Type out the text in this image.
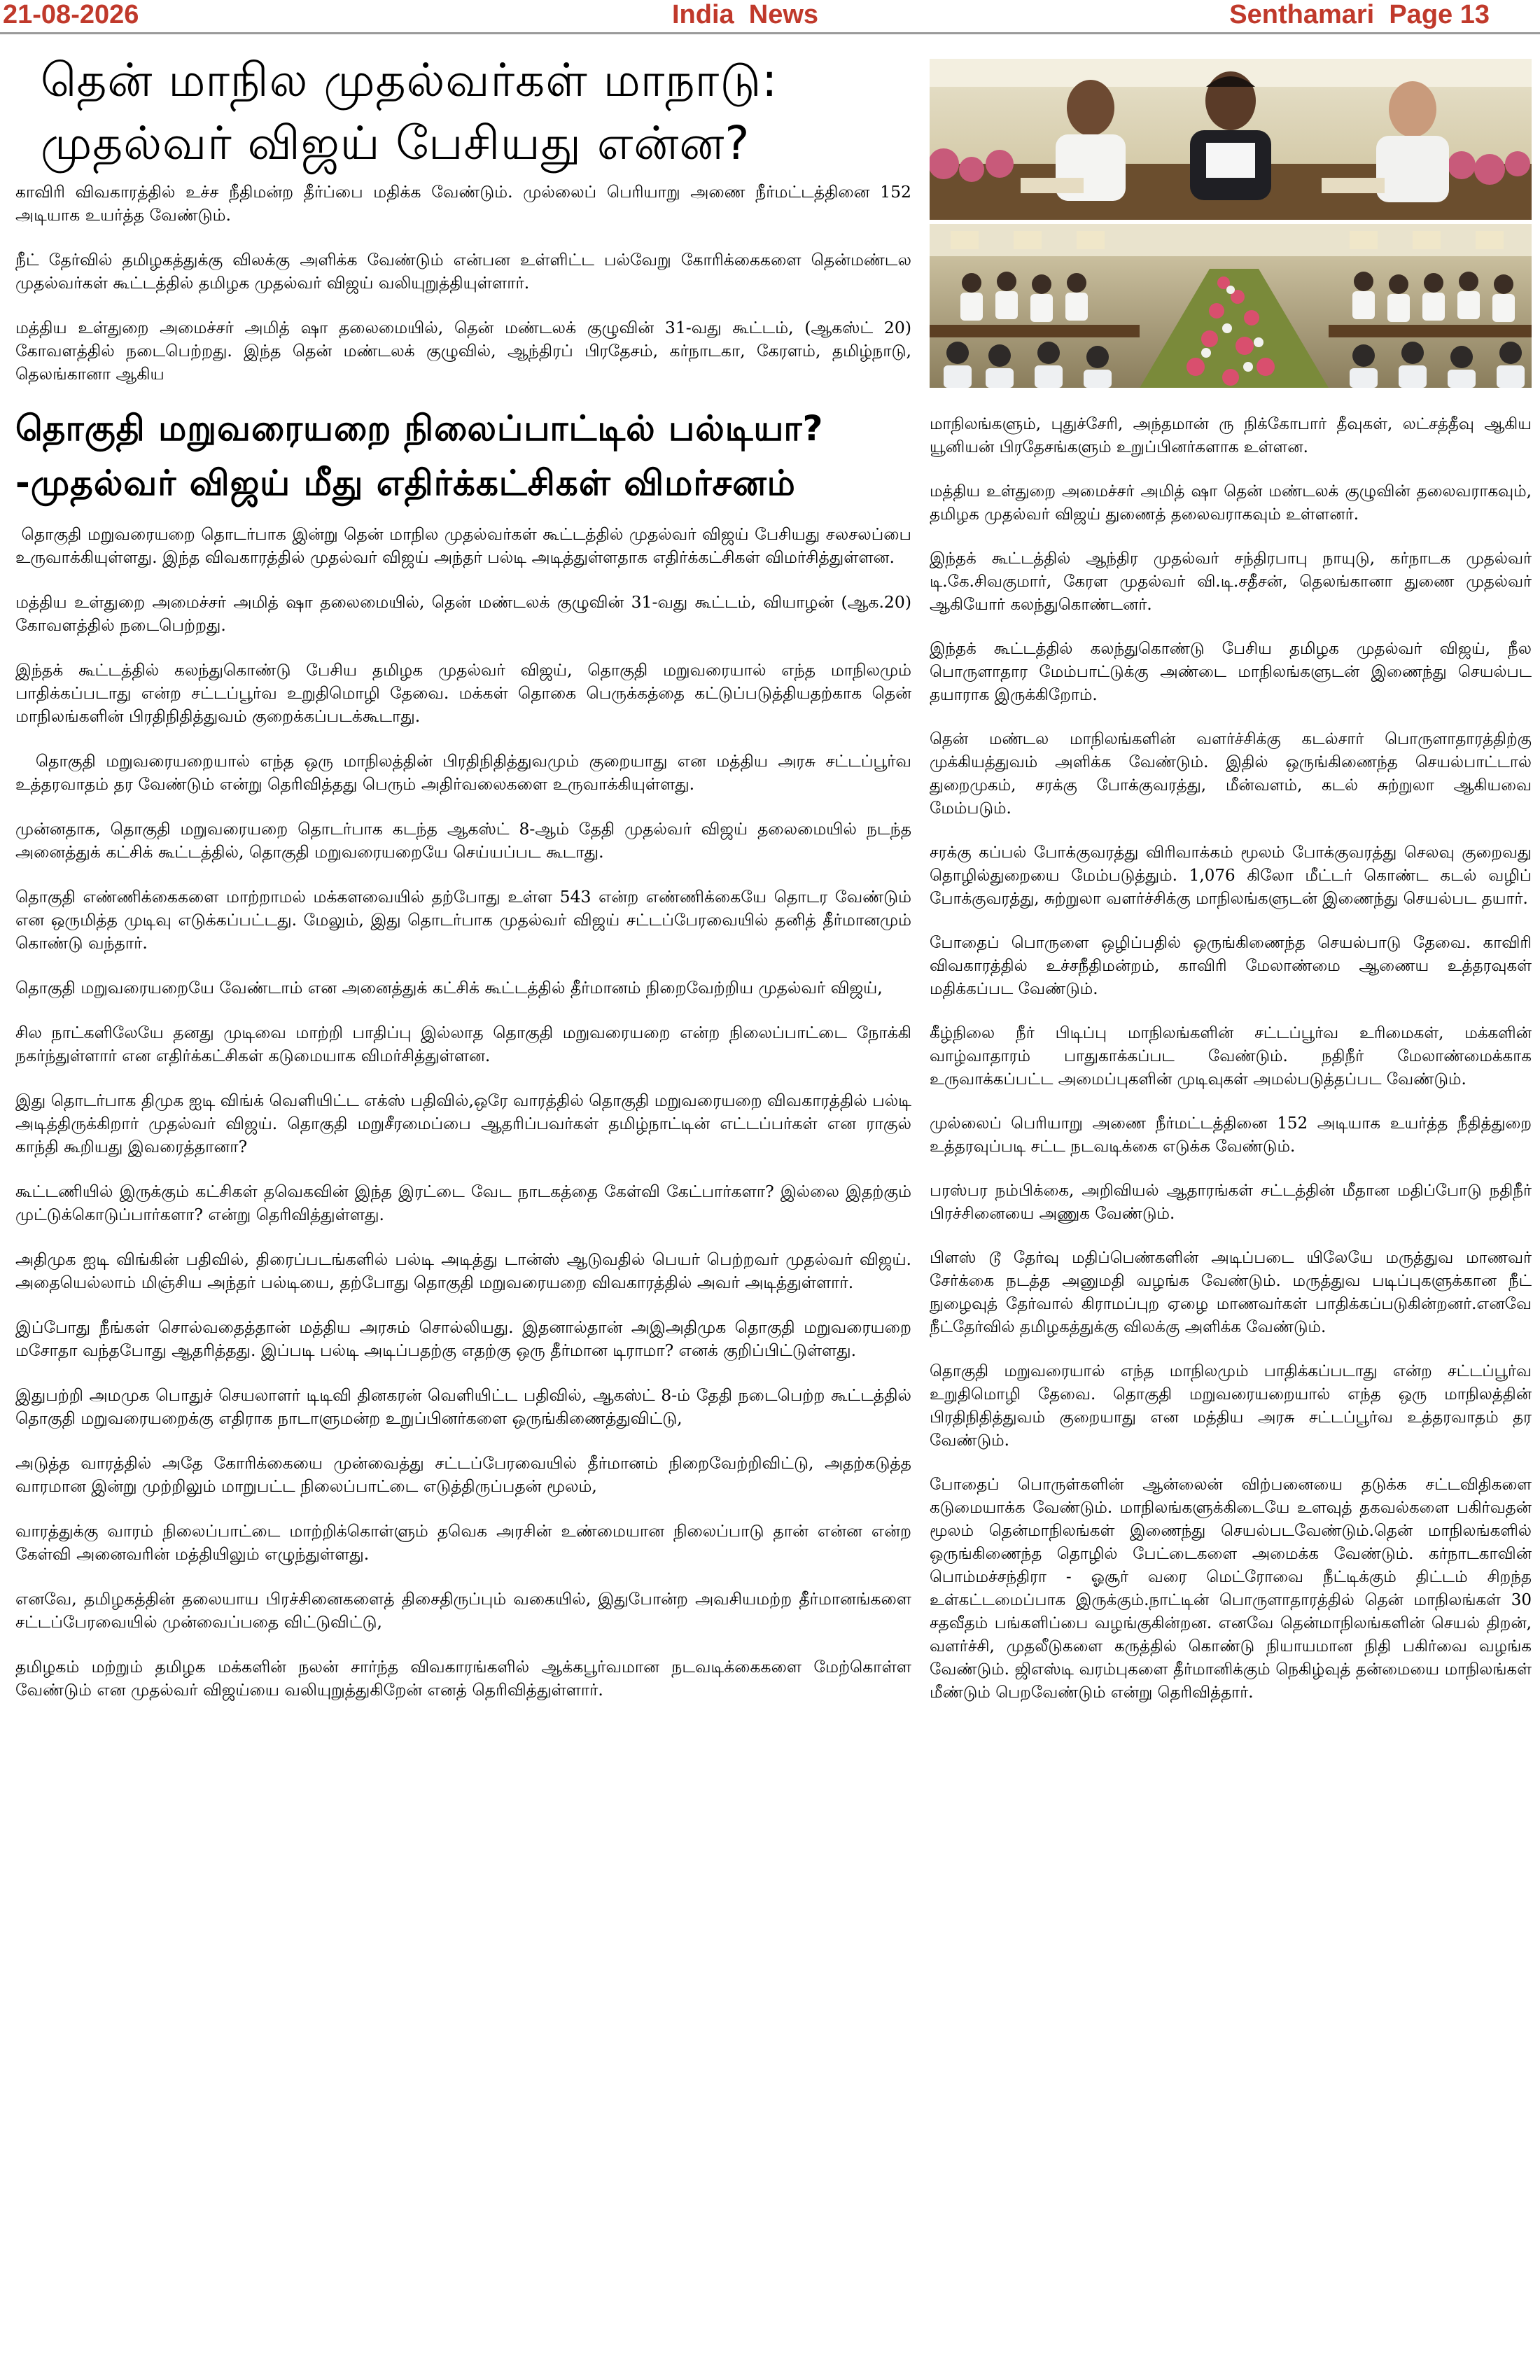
21-08-2026	India  News	Senthamari  Page 13
தென் மாநில முதல்வர்கள் மாநாடு: முதல்வர் விஜய் பேசியது என்ன?

காவிரி விவகாரத்தில் உச்ச நீதிமன்ற தீர்ப்பை மதிக்க வேண்டும். முல்லைப் பெரியாறு அணை நீர்மட்டத்தினை 152 அடியாக உயர்த்த வேண்டும்.

நீட் தேர்வில் தமிழகத்துக்கு விலக்கு அளிக்க வேண்டும் என்பன உள்ளிட்ட பல்வேறு கோரிக்கைகளை தென்மண்டல முதல்வர்கள் கூட்டத்தில் தமிழக முதல்வர் விஜய் வலியுறுத்தியுள்ளார்.

மத்திய உள்துறை அமைச்சர் அமித் ஷா தலைமையில், தென் மண்டலக் குழுவின் 31-வது கூட்டம், (ஆகஸ்ட் 20) கோவளத்தில் நடைபெற்றது. இந்த தென் மண்டலக் குழுவில், ஆந்திரப் பிரதேசம், கர்நாடகா, கேரளம், தமிழ்நாடு, தெலங்கானா ஆகிய

தொகுதி மறுவரையறை நிலைப்பாட்டில் பல்டியா? -முதல்வர் விஜய் மீது எதிர்க்கட்சிகள் விமர்சனம்

தொகுதி மறுவரையறை தொடர்பாக இன்று தென் மாநில முதல்வர்கள் கூட்டத்தில் முதல்வர் விஜய் பேசியது சலசலப்பை உருவாக்கியுள்ளது. இந்த விவகாரத்தில் முதல்வர் விஜய் அந்தர் பல்டி அடித்துள்ளதாக எதிர்க்கட்சிகள் விமர்சித்துள்ளன.

மத்திய உள்துறை அமைச்சர் அமித் ஷா தலைமையில், தென் மண்டலக் குழுவின் 31-வது கூட்டம், வியாழன் (ஆக.20) கோவளத்தில் நடைபெற்றது.

இந்தக் கூட்டத்தில் கலந்துகொண்டு பேசிய தமிழக முதல்வர் விஜய், தொகுதி மறுவரையால் எந்த மாநிலமும் பாதிக்கப்படாது என்ற சட்டப்பூர்வ உறுதிமொழி தேவை. மக்கள் தொகை பெருக்கத்தை கட்டுப்படுத்தியதற்காக தென் மாநிலங்களின் பிரதிநிதித்துவம் குறைக்கப்படக்கூடாது.

தொகுதி மறுவரையறையால் எந்த ஒரு மாநிலத்தின் பிரதிநிதித்துவமும் குறையாது என மத்திய அரசு சட்டப்பூர்வ உத்தரவாதம் தர வேண்டும் என்று தெரிவித்தது பெரும் அதிர்வலைகளை உருவாக்கியுள்ளது.

முன்னதாக, தொகுதி மறுவரையறை தொடர்பாக கடந்த ஆகஸ்ட் 8-ஆம் தேதி முதல்வர் விஜய் தலைமையில் நடந்த அனைத்துக் கட்சிக் கூட்டத்தில், தொகுதி மறுவரையறையே செய்யப்பட கூடாது.

தொகுதி எண்ணிக்கைகளை மாற்றாமல் மக்களவையில் தற்போது உள்ள 543 என்ற எண்ணிக்கையே தொடர வேண்டும் என ஒருமித்த முடிவு எடுக்கப்பட்டது. மேலும், இது தொடர்பாக முதல்வர் விஜய் சட்டப்பேரவையில் தனித் தீர்மானமும் கொண்டு வந்தார்.

தொகுதி மறுவரையறையே வேண்டாம் என அனைத்துக் கட்சிக் கூட்டத்தில் தீர்மானம் நிறைவேற்றிய முதல்வர் விஜய்,

சில நாட்களிலேயே தனது முடிவை மாற்றி பாதிப்பு இல்லாத தொகுதி மறுவரையறை என்ற நிலைப்பாட்டை நோக்கி நகர்ந்துள்ளார் என எதிர்க்கட்சிகள் கடுமையாக விமர்சித்துள்ளன.

இது தொடர்பாக திமுக ஐடி விங்க் வெளியிட்ட எக்ஸ் பதிவில்,ஒரே வாரத்தில் தொகுதி மறுவரையறை விவகாரத்தில் பல்டி அடித்திருக்கிறார் முதல்வர் விஜய். தொகுதி மறுசீரமைப்பை ஆதரிப்பவர்கள் தமிழ்நாட்டின் எட்டப்பர்கள் என ராகுல் காந்தி கூறியது இவரைத்தானா?

கூட்டணியில் இருக்கும் கட்சிகள் தவெகவின் இந்த இரட்டை வேட நாடகத்தை கேள்வி கேட்பார்களா? இல்லை இதற்கும் முட்டுக்கொடுப்பார்களா? என்று தெரிவித்துள்ளது.

அதிமுக ஐடி விங்கின் பதிவில், திரைப்படங்களில் பல்டி அடித்து டான்ஸ் ஆடுவதில் பெயர் பெற்றவர் முதல்வர் விஜய். அதையெல்லாம் மிஞ்சிய அந்தர் பல்டியை, தற்போது தொகுதி மறுவரையறை விவகாரத்தில் அவர் அடித்துள்ளார்.

இப்போது நீங்கள் சொல்வதைத்தான் மத்திய அரசும் சொல்லியது. இதனால்தான் அஇஅதிமுக தொகுதி மறுவரையறை மசோதா வந்தபோது ஆதரித்தது. இப்படி பல்டி அடிப்பதற்கு எதற்கு ஒரு தீர்மான டிராமா? எனக் குறிப்பிட்டுள்ளது.

இதுபற்றி அமமுக பொதுச் செயலாளர் டிடிவி தினகரன் வெளியிட்ட பதிவில், ஆகஸ்ட் 8-ம் தேதி நடைபெற்ற கூட்டத்தில் தொகுதி மறுவரையறைக்கு எதிராக நாடாளுமன்ற உறுப்பினர்களை ஒருங்கிணைத்துவிட்டு,

அடுத்த வாரத்தில் அதே கோரிக்கையை முன்வைத்து சட்டப்பேரவையில் தீர்மானம் நிறைவேற்றிவிட்டு, அதற்கடுத்த வாரமான இன்று முற்றிலும் மாறுபட்ட நிலைப்பாட்டை எடுத்திருப்பதன் மூலம்,

வாரத்துக்கு வாரம் நிலைப்பாட்டை மாற்றிக்கொள்ளும் தவெக அரசின் உண்மையான நிலைப்பாடு தான் என்ன என்ற கேள்வி அனைவரின் மத்தியிலும் எழுந்துள்ளது.

எனவே, தமிழகத்தின் தலையாய பிரச்சினைகளைத் திசைதிருப்பும் வகையில், இதுபோன்ற அவசியமற்ற தீர்மானங்களை சட்டப்பேரவையில் முன்வைப்பதை விட்டுவிட்டு,

தமிழகம் மற்றும் தமிழக மக்களின் நலன் சார்ந்த விவகாரங்களில் ஆக்கபூர்வமான நடவடிக்கைகளை மேற்கொள்ள வேண்டும் என முதல்வர் விஜய்யை வலியுறுத்துகிறேன் எனத் தெரிவித்துள்ளார்.

மாநிலங்களும், புதுச்சேரி, அந்தமான் ரு நிக்கோபார் தீவுகள், லட்சத்தீவு ஆகிய யூனியன் பிரதேசங்களும் உறுப்பினர்களாக உள்ளன.

மத்திய உள்துறை அமைச்சர் அமித் ஷா தென் மண்டலக் குழுவின் தலைவராகவும், தமிழக முதல்வர் விஜய் துணைத் தலைவராகவும் உள்ளனர்.

இந்தக் கூட்டத்தில் ஆந்திர முதல்வர் சந்திரபாபு நாயுடு, கர்நாடக முதல்வர் டி.கே.சிவகுமார், கேரள முதல்வர் வி.டி.சதீசன், தெலங்கானா துணை முதல்வர் ஆகியோர் கலந்துகொண்டனர்.

இந்தக் கூட்டத்தில் கலந்துகொண்டு பேசிய தமிழக முதல்வர் விஜய், நீல பொருளாதார மேம்பாட்டுக்கு அண்டை மாநிலங்களுடன் இணைந்து செயல்பட தயாராக இருக்கிறோம்.

தென் மண்டல மாநிலங்களின் வளர்ச்சிக்கு கடல்சார் பொருளாதாரத்திற்கு முக்கியத்துவம் அளிக்க வேண்டும். இதில் ஒருங்கிணைந்த செயல்பாட்டால் துறைமுகம், சரக்கு போக்குவரத்து, மீன்வளம், கடல் சுற்றுலா ஆகியவை மேம்படும்.

சரக்கு கப்பல் போக்குவரத்து விரிவாக்கம் மூலம் போக்குவரத்து செலவு குறைவது தொழில்துறையை மேம்படுத்தும். 1,076 கிலோ மீட்டர் கொண்ட கடல் வழிப் போக்குவரத்து, சுற்றுலா வளர்ச்சிக்கு மாநிலங்களுடன் இணைந்து செயல்பட தயார்.

போதைப் பொருளை ஒழிப்பதில் ஒருங்கிணைந்த செயல்பாடு தேவை. காவிரி விவகாரத்தில் உச்சநீதிமன்றம், காவிரி மேலாண்மை ஆணைய உத்தரவுகள் மதிக்கப்பட வேண்டும்.

கீழ்நிலை நீர் பிடிப்பு மாநிலங்களின் சட்டப்பூர்வ உரிமைகள், மக்களின் வாழ்வாதாரம் பாதுகாக்கப்பட வேண்டும். நதிநீர் மேலாண்மைக்காக உருவாக்கப்பட்ட அமைப்புகளின் முடிவுகள் அமல்படுத்தப்பட வேண்டும்.

முல்லைப் பெரியாறு அணை நீர்மட்டத்தினை 152 அடியாக உயர்த்த நீதித்துறை உத்தரவுப்படி சட்ட நடவடிக்கை எடுக்க வேண்டும்.

பரஸ்பர நம்பிக்கை, அறிவியல் ஆதாரங்கள் சட்டத்தின் மீதான மதிப்போடு நதிநீர் பிரச்சினையை அணுக வேண்டும்.

பிளஸ் டூ தேர்வு மதிப்பெண்களின் அடிப்படை யிலேயே மருத்துவ மாணவர் சேர்க்கை நடத்த அனுமதி வழங்க வேண்டும். மருத்துவ படிப்புகளுக்கான நீட் நுழைவுத் தேர்வால் கிராமப்புற ஏழை மாணவர்கள் பாதிக்கப்படுகின்றனர்.எனவே நீட்தேர்வில் தமிழகத்துக்கு விலக்கு அளிக்க வேண்டும்.

தொகுதி மறுவரையால் எந்த மாநிலமும் பாதிக்கப்படாது என்ற சட்டப்பூர்வ உறுதிமொழி தேவை. தொகுதி மறுவரையறையால் எந்த ஒரு மாநிலத்தின் பிரதிநிதித்துவம் குறையாது என மத்திய அரசு சட்டப்பூர்வ உத்தரவாதம் தர வேண்டும்.

போதைப் பொருள்களின் ஆன்லைன் விற்பனையை தடுக்க சட்டவிதிகளை கடுமையாக்க வேண்டும். மாநிலங்களுக்கிடையே உளவுத் தகவல்களை பகிர்வதன் மூலம் தென்மாநிலங்கள் இணைந்து செயல்படவேண்டும்.தென் மாநிலங்களில் ஒருங்கிணைந்த தொழில் பேட்டைகளை அமைக்க வேண்டும். கர்நாடகாவின் பொம்மச்சந்திரா - ஓசூர் வரை மெட்ரோவை நீட்டிக்கும் திட்டம் சிறந்த உள்கட்டமைப்பாக இருக்கும்.நாட்டின் பொருளாதாரத்தில் தென் மாநிலங்கள் 30 சதவீதம் பங்களிப்பை வழங்குகின்றன. எனவே தென்மாநிலங்களின் செயல் திறன், வளர்ச்சி, முதலீடுகளை கருத்தில் கொண்டு நியாயமான நிதி பகிர்வை வழங்க வேண்டும். ஜிஎஸ்டி வரம்புகளை தீர்மானிக்கும் நெகிழ்வுத் தன்மையை மாநிலங்கள் மீண்டும் பெறவேண்டும் என்று தெரிவித்தார்.
